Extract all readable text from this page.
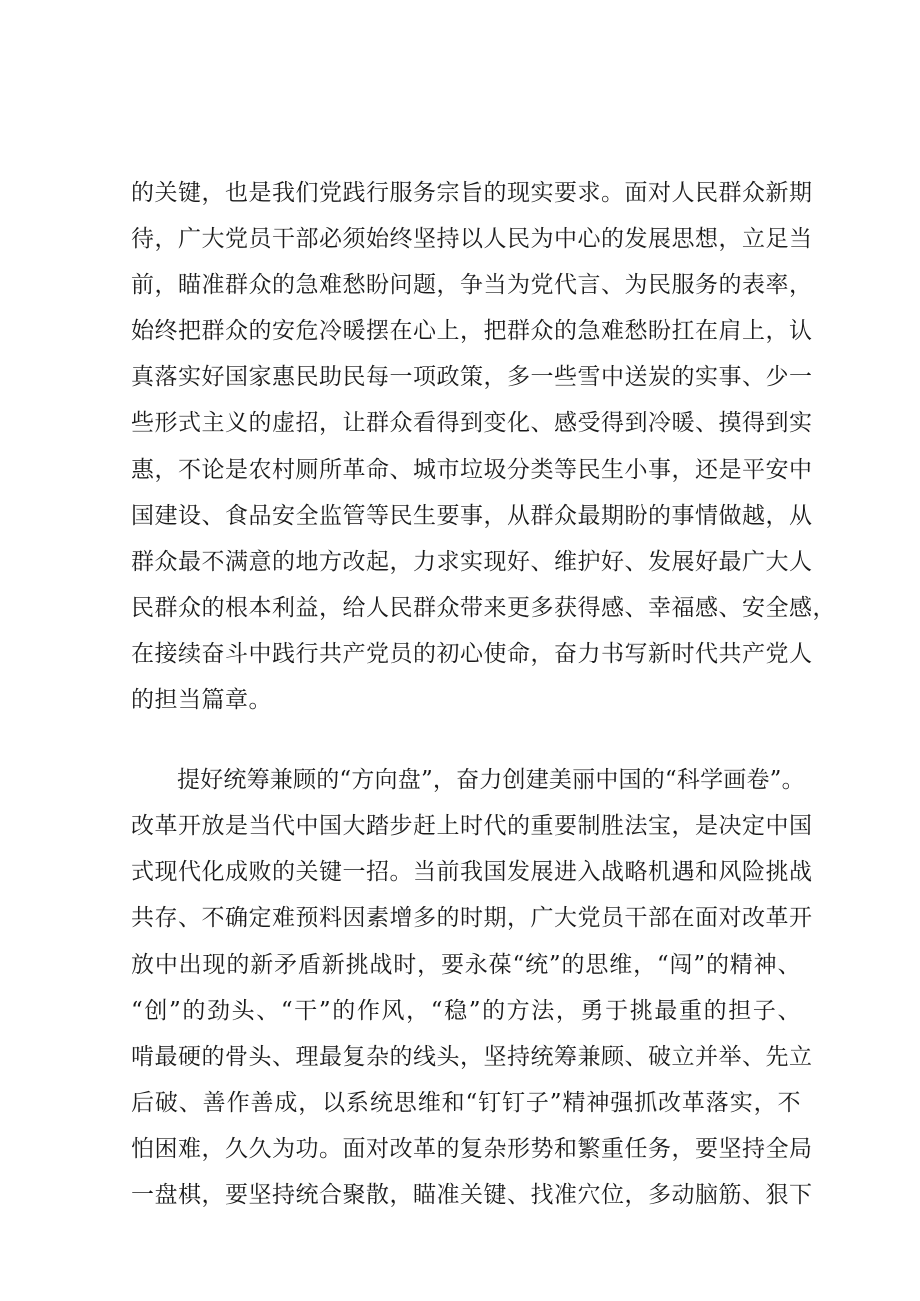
的关键，也是我们党践行服务宗旨的现实要求。面对人民群众新期
待，广大党员干部必须始终坚持以人民为中心的发展思想，立足当
前，瞄准群众的急难愁盼问题，争当为党代言、为民服务的表率，
始终把群众的安危冷暖摆在心上，把群众的急难愁盼扛在肩上，认
真落实好国家惠民助民每一项政策，多一些雪中送炭的实事、少一
些形式主义的虚招，让群众看得到变化、感受得到冷暖、摸得到实
惠，不论是农村厕所革命、城市垃圾分类等民生小事，还是平安中
国建设、食品安全监管等民生要事，从群众最期盼的事情做越，从
群众最不满意的地方改起，力求实现好、维护好、发展好最广大人
民群众的根本利益，给人民群众带来更多获得感、幸福感、安全感，
在接续奋斗中践行共产党员的初心使命，奋力书写新时代共产党人
的担当篇章。
提好统筹兼顾的“方向盘”，奋力创建美丽中国的“科学画卷”。
改革开放是当代中国大踏步赶上时代的重要制胜法宝，是决定中国
式现代化成败的关键一招。当前我国发展进入战略机遇和风险挑战
共存、不确定难预料因素增多的时期，广大党员干部在面对改革开
放中出现的新矛盾新挑战时，要永葆“统”的思维，“闯”的精神、
“创”的劲头、“干”的作风，“稳”的方法，勇于挑最重的担子、
啃最硬的骨头、理最复杂的线头，坚持统筹兼顾、破立并举、先立
后破、善作善成，以系统思维和“钉钉子”精神强抓改革落实，不
怕困难，久久为功。面对改革的复杂形势和繁重任务，要坚持全局
一盘棋，要坚持统合聚散，瞄准关键、找准穴位，多动脑筋、狠下
